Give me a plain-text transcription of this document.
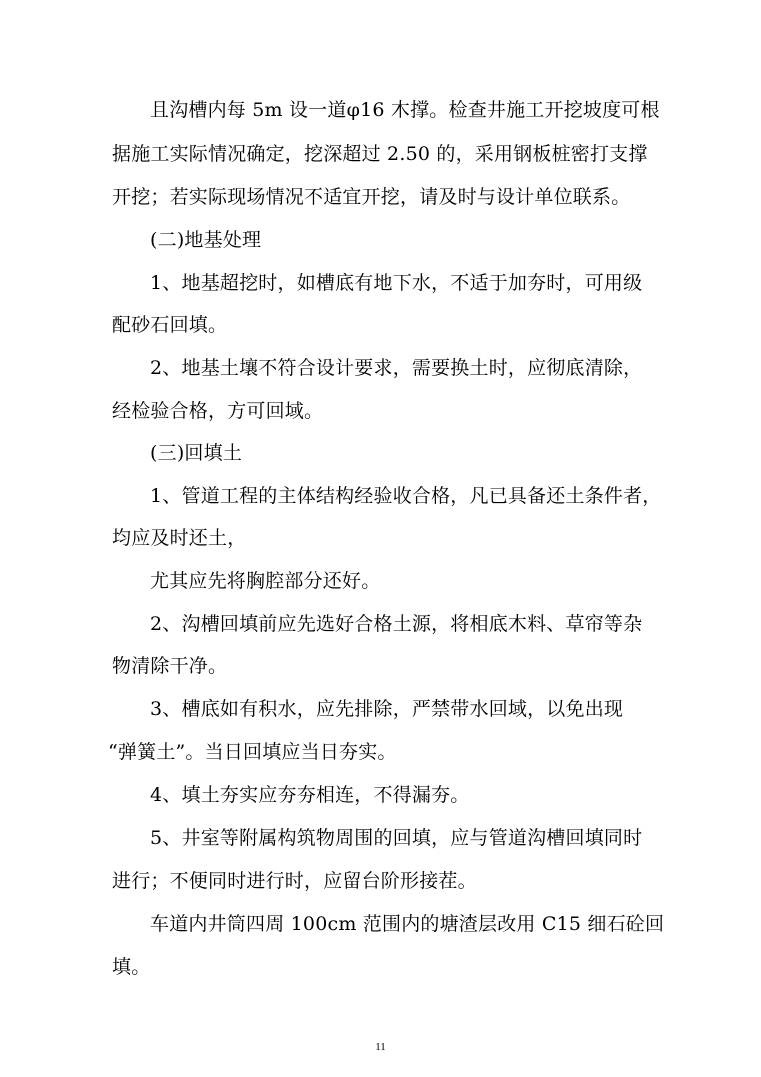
且沟槽内每 5m 设一道φ16 木撑。检查井施工开挖坡度可根
据施工实际情况确定，挖深超过 2.50 的，采用钢板桩密打支撑
开挖；若实际现场情况不适宜开挖，请及时与设计单位联系。
(二)地基处理
1、地基超挖时，如槽底有地下水，不适于加夯时，可用级
配砂石回填。
2、地基土壤不符合设计要求，需要换土时，应彻底清除，
经检验合格，方可回域。
(三)回填土
1、管道工程的主体结构经验收合格，凡已具备还土条件者，
均应及时还土，
尤其应先将胸腔部分还好。
2、沟槽回填前应先选好合格土源，将相底木料、草帘等杂
物清除干净。
3、槽底如有积水，应先排除，严禁带水回域，以免出现
“弹簧土”。当日回填应当日夯实。
4、填土夯实应夯夯相连，不得漏夯。
5、井室等附属构筑物周围的回填，应与管道沟槽回填同时
进行；不便同时进行时，应留台阶形接茬。
车道内井筒四周 100cm 范围内的塘渣层改用 C15 细石砼回
填。
11
